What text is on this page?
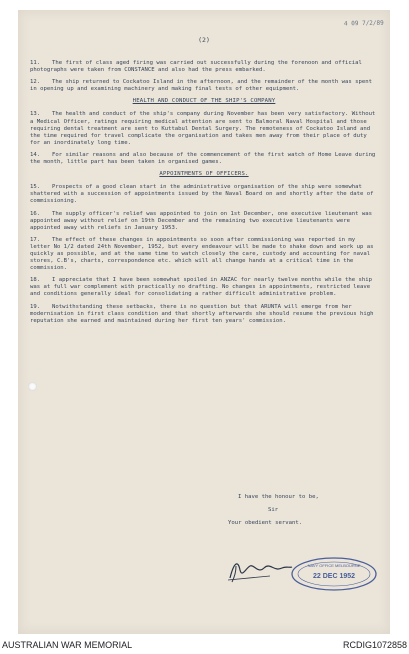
4 09 7/2/89
(2)
11. The first of class aged firing was carried out successfully during the forenoon and official photographs were taken from CONSTANCE and also had the press embarked.
12. The ship returned to Cockatoo Island in the afternoon, and the remainder of the month was spent in opening up and examining machinery and making final tests of other equipment.
HEALTH AND CONDUCT OF THE SHIP'S COMPANY
13. The health and conduct of the ship's company during November has been very satisfactory. Without a Medical Officer, ratings requiring medical attention are sent to Balmoral Naval Hospital and those requiring dental treatment are sent to Kuttabul Dental Surgery. The remoteness of Cockatoo Island and the time required for travel complicate the organisation and takes men away from their place of duty for an inordinately long time.
14. For similar reasons and also because of the commencement of the first watch of Home Leave during the month, little part has been taken in organised games.
APPOINTMENTS OF OFFICERS.
15. Prospects of a good clean start in the administrative organisation of the ship were somewhat shattered with a succession of appointments issued by the Naval Board on and shortly after the date of commissioning.
16. The supply officer's relief was appointed to join on 1st December, one executive lieutenant was appointed away without relief on 19th December and the remaining two executive lieutenants were appointed away with reliefs in January 1953.
17. The effect of these changes in appointments so soon after commissioning was reported in my letter No 1/2 dated 24th November, 1952, but every endeavour will be made to shake down and work up as quickly as possible, and at the same time to watch closely the care, custody and accounting for naval stores, C.B's, charts, correspondence etc. which will all change hands at a critical time in the commission.
18. I appreciate that I have been somewhat spoiled in ANZAC for nearly twelve months while the ship was at full war complement with practically no drafting. No changes in appointments, restricted leave and conditions generally ideal for consolidating a rather difficult administrative problem.
19. Notwithstanding these setbacks, there is no question but that ARUNTA will emerge from her modernisation in first class condition and that shortly afterwards she should resume the previous high reputation she earned and maintained during her first ten years' commission.
I have the honour to be,
Sir
Your obedient servant.
NAVY OFFICE MELBOURNE
22 DEC 1952
AUSTRALIAN WAR MEMORIAL	RCDIG1072858
